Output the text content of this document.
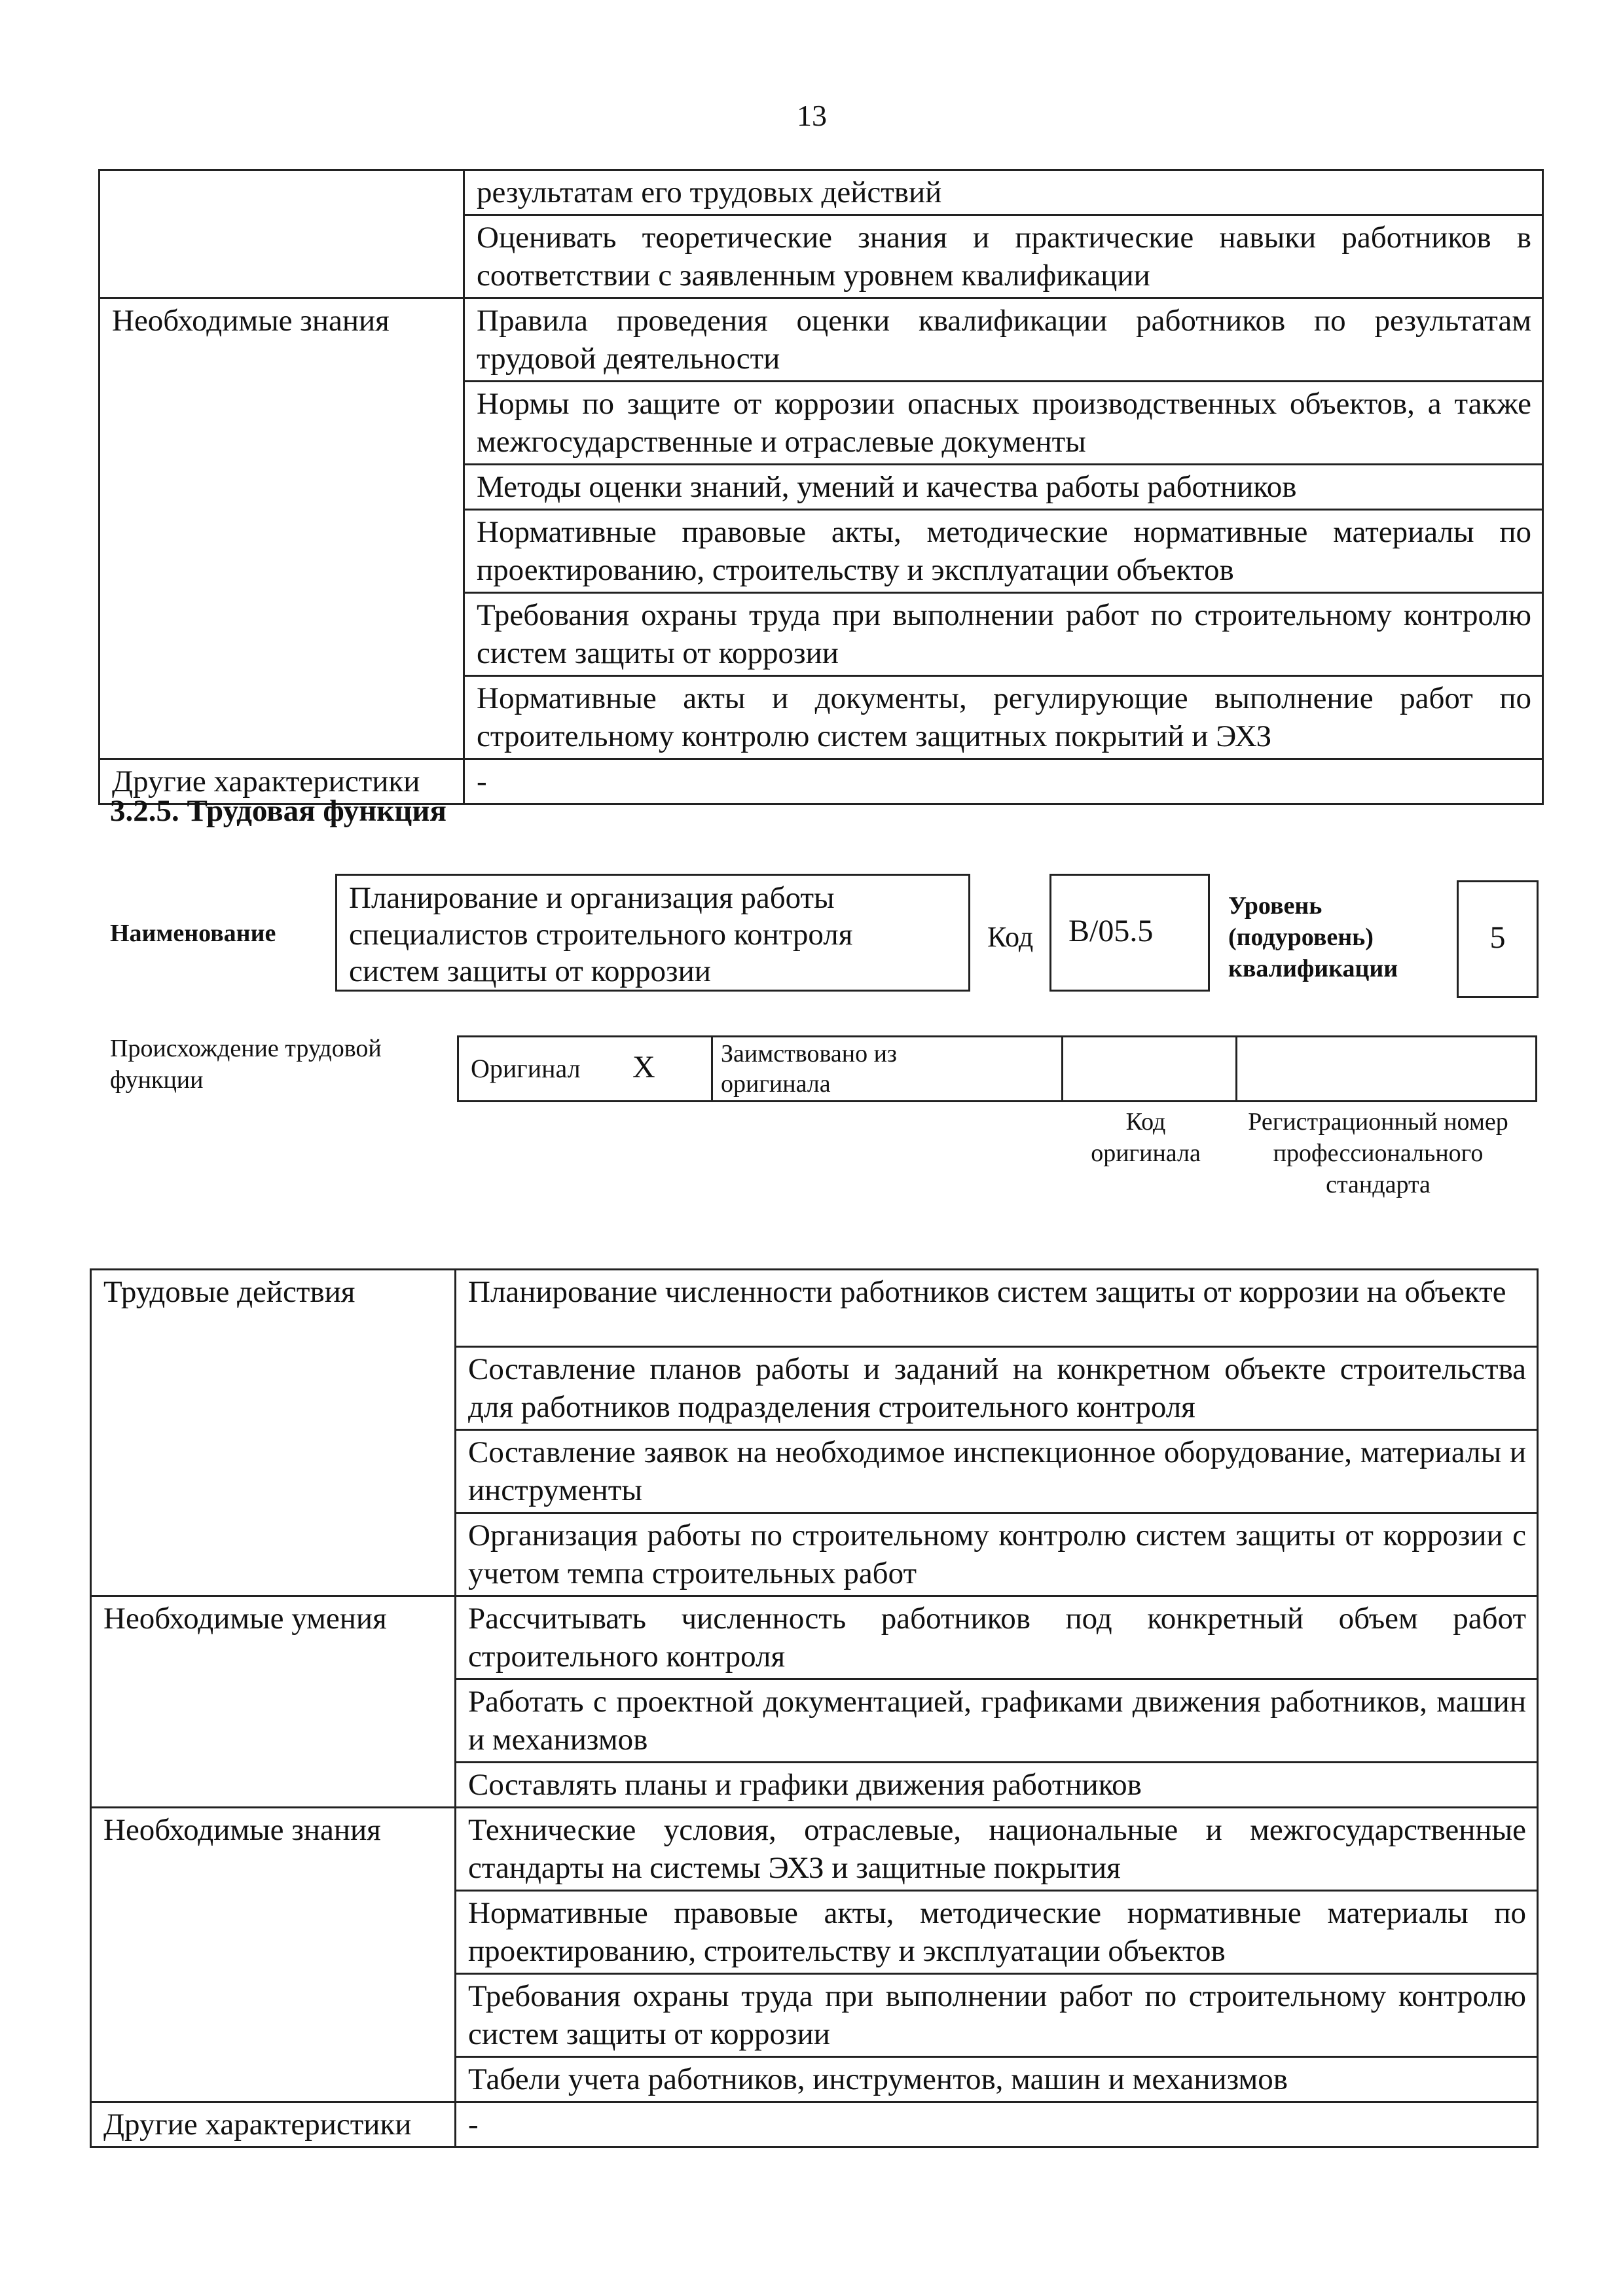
13
	результатам его трудовых действий
	Оценивать теоретические знания и практические навыки работников в соответствии с заявленным уровнем квалификации
Необходимые знания	Правила проведения оценки квалификации работников по результатам трудовой деятельности
	Нормы по защите от коррозии опасных производственных объектов, а также межгосударственные и отраслевые документы
	Методы оценки знаний, умений и качества работы работников
	Нормативные правовые акты, методические нормативные материалы по проектированию, строительству и эксплуатации объектов
	Требования охраны труда при выполнении работ по строительному контролю систем защиты от коррозии
	Нормативные акты и документы, регулирующие выполнение работ по строительному контролю систем защитных покрытий и ЭХЗ
Другие характеристики	-
3.2.5. Трудовая функция
Наименование
Планирование и организация работы специалистов строительного контроля систем защиты от коррозии
Код В/05.5
Уровень (подуровень) квалификации
5
Происхождение трудовой функции	Оригинал X	Заимствовано из оригинала
Код оригинала
Регистрационный номер профессионального стандарта
Трудовые действия	Планирование численности работников систем защиты от коррозии на объекте
	Составление планов работы и заданий на конкретном объекте строительства для работников подразделения строительного контроля
	Составление заявок на необходимое инспекционное оборудование, материалы и инструменты
	Организация работы по строительному контролю систем защиты от коррозии с учетом темпа строительных работ
Необходимые умения	Рассчитывать численность работников под конкретный объем работ строительного контроля
	Работать с проектной документацией, графиками движения работников, машин и механизмов
	Составлять планы и графики движения работников
Необходимые знания	Технические условия, отраслевые, национальные и межгосударственные стандарты на системы ЭХЗ и защитные покрытия
	Нормативные правовые акты, методические нормативные материалы по проектированию, строительству и эксплуатации объектов
	Требования охраны труда при выполнении работ по строительному контролю систем защиты от коррозии
	Табели учета работников, инструментов, машин и механизмов
Другие характеристики	-
